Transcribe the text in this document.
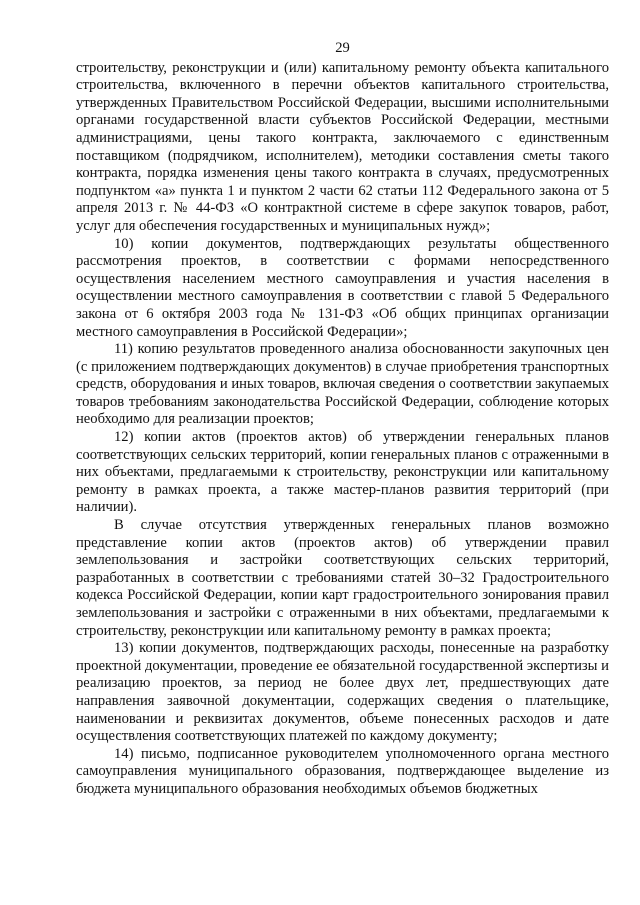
29

строительству, реконструкции и (или) капитальному ремонту объекта капитального строительства, включенного в перечни объектов капитального строительства, утвержденных Правительством Российской Федерации, высшими исполнительными органами государственной власти субъектов Российской Федерации, местными администрациями, цены такого контракта, заключаемого с единственным поставщиком (подрядчиком, исполнителем), методики составления сметы такого контракта, порядка изменения цены такого контракта в случаях, предусмотренных подпунктом «а» пункта 1 и пунктом 2 части 62 статьи 112 Федерального закона от 5 апреля 2013 г. № 44-ФЗ «О контрактной системе в сфере закупок товаров, работ, услуг для обеспечения государственных и муниципальных нужд»;

10) копии документов, подтверждающих результаты общественного рассмотрения проектов, в соответствии с формами непосредственного осуществления населением местного самоуправления и участия населения в осуществлении местного самоуправления в соответствии с главой 5 Федерального закона от 6 октября 2003 года № 131-ФЗ «Об общих принципах организации местного самоуправления в Российской Федерации»;

11) копию результатов проведенного анализа обоснованности закупочных цен (с приложением подтверждающих документов) в случае приобретения транспортных средств, оборудования и иных товаров, включая сведения о соответствии закупаемых товаров требованиям законодательства Российской Федерации, соблюдение которых необходимо для реализации проектов;

12) копии актов (проектов актов) об утверждении генеральных планов соответствующих сельских территорий, копии генеральных планов с отраженными в них объектами, предлагаемыми к строительству, реконструкции или капитальному ремонту в рамках проекта, а также мастер-планов развития территорий (при наличии).

В случае отсутствия утвержденных генеральных планов возможно представление копии актов (проектов актов) об утверждении правил землепользования и застройки соответствующих сельских территорий, разработанных в соответствии с требованиями статей 30–32 Градостроительного кодекса Российской Федерации, копии карт градостроительного зонирования правил землепользования и застройки с отраженными в них объектами, предлагаемыми к строительству, реконструкции или капитальному ремонту в рамках проекта;

13) копии документов, подтверждающих расходы, понесенные на разработку проектной документации, проведение ее обязательной государственной экспертизы и реализацию проектов, за период не более двух лет, предшествующих дате направления заявочной документации, содержащих сведения о плательщике, наименовании и реквизитах документов, объеме понесенных расходов и дате осуществления соответствующих платежей по каждому документу;

14) письмо, подписанное руководителем уполномоченного органа местного самоуправления муниципального образования, подтверждающее выделение из бюджета муниципального образования необходимых объемов бюджетных
